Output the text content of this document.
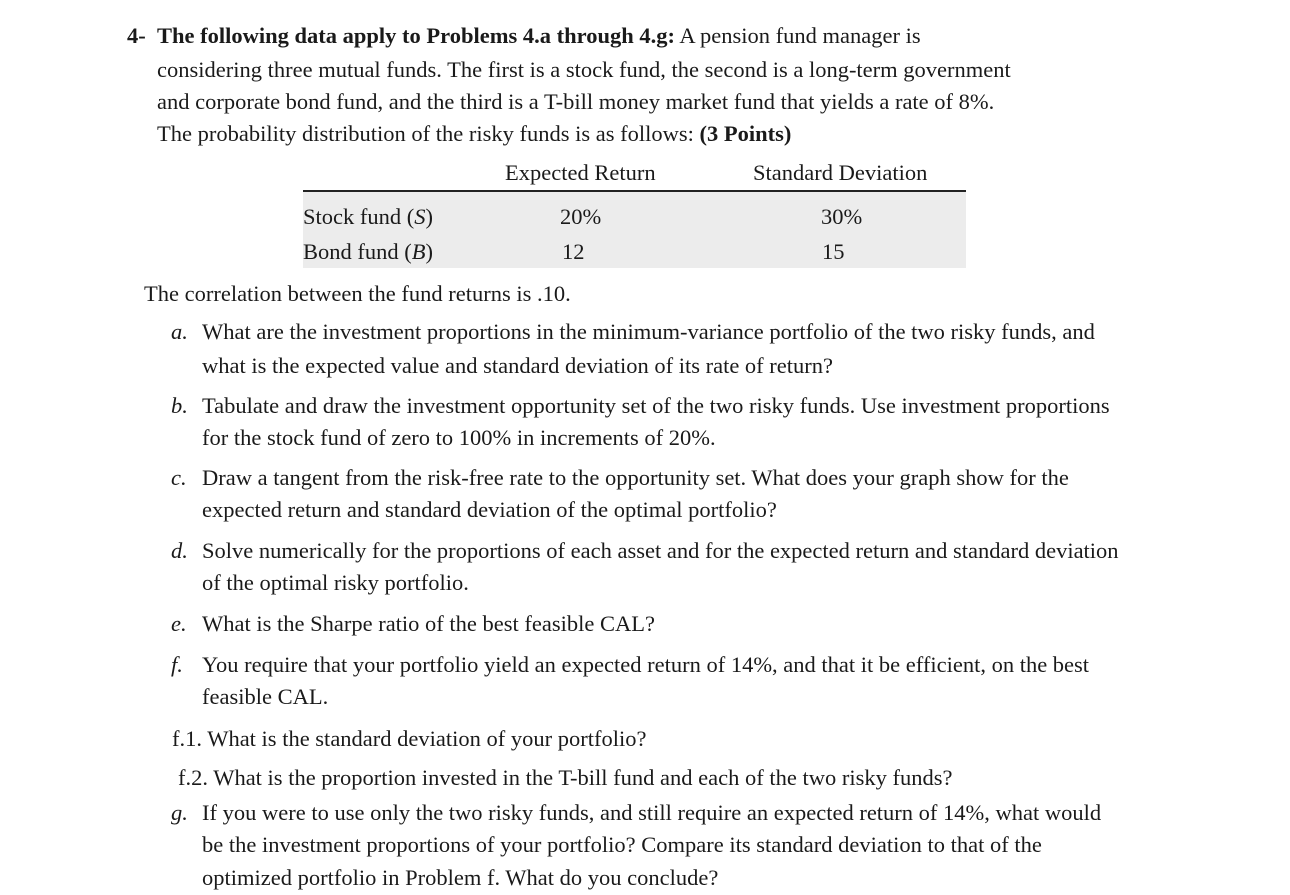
4- The following data apply to Problems 4.a through 4.g: A pension fund manager is
considering three mutual funds. The first is a stock fund, the second is a long-term government
and corporate bond fund, and the third is a T-bill money market fund that yields a rate of 8%.
The probability distribution of the risky funds is as follows: (3 Points)
Expected Return	Standard Deviation
Stock fund (S)	20%	30%
Bond fund (B)	12	15
The correlation between the fund returns is .10.
a. What are the investment proportions in the minimum-variance portfolio of the two risky funds, and
what is the expected value and standard deviation of its rate of return?
b. Tabulate and draw the investment opportunity set of the two risky funds. Use investment proportions
for the stock fund of zero to 100% in increments of 20%.
c. Draw a tangent from the risk-free rate to the opportunity set. What does your graph show for the
expected return and standard deviation of the optimal portfolio?
d. Solve numerically for the proportions of each asset and for the expected return and standard deviation
of the optimal risky portfolio.
e. What is the Sharpe ratio of the best feasible CAL?
f. You require that your portfolio yield an expected return of 14%, and that it be efficient, on the best
feasible CAL.
f.1. What is the standard deviation of your portfolio?
f.2. What is the proportion invested in the T-bill fund and each of the two risky funds?
g. If you were to use only the two risky funds, and still require an expected return of 14%, what would
be the investment proportions of your portfolio? Compare its standard deviation to that of the
optimized portfolio in Problem f. What do you conclude?
